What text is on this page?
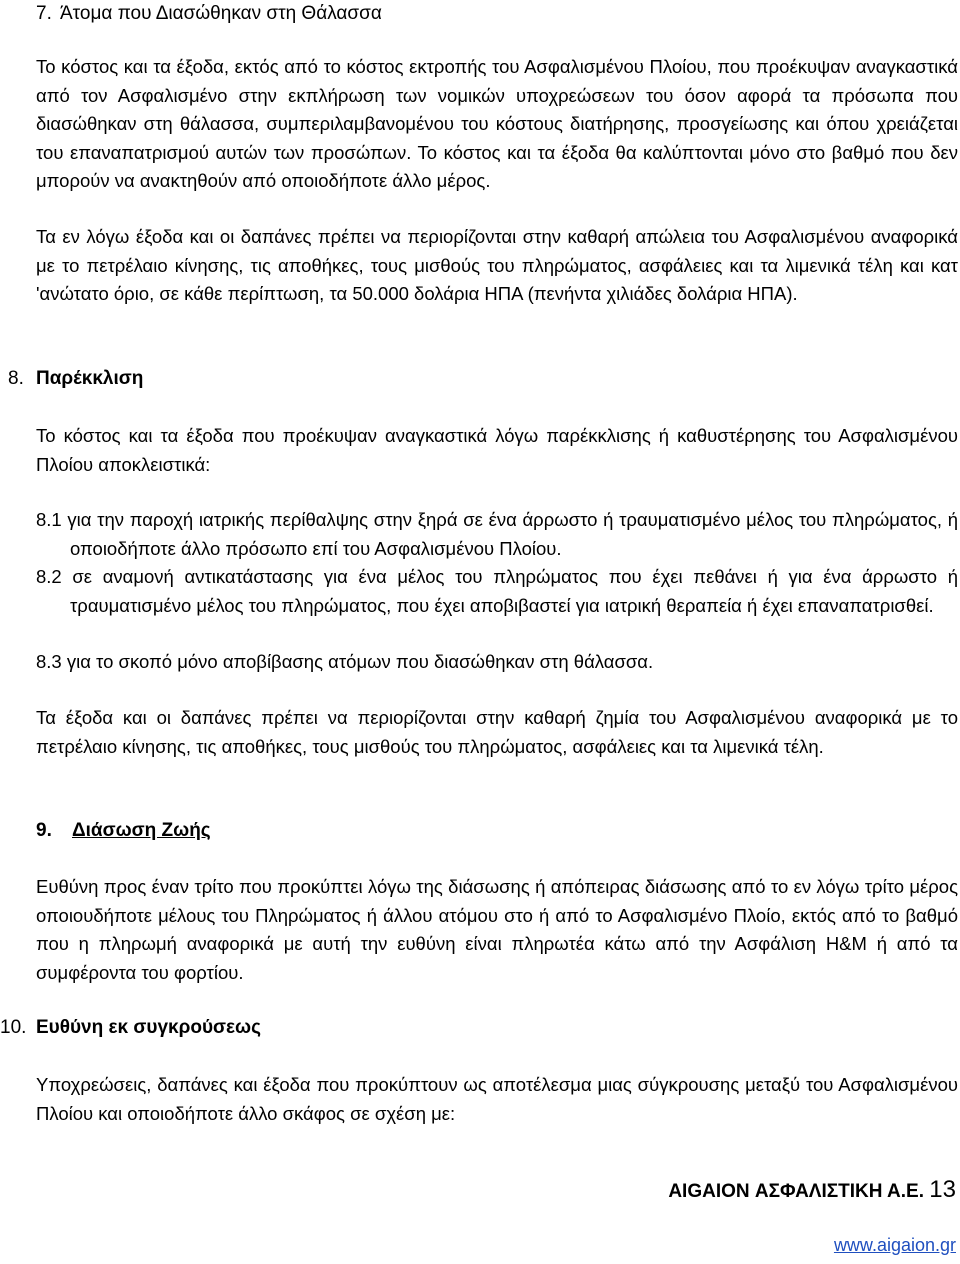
7. Άτομα που Διασώθηκαν στη Θάλασσα

Το κόστος και τα έξοδα, εκτός από το κόστος εκτροπής του Ασφαλισμένου Πλοίου, που προέκυψαν αναγκαστικά από τον Ασφαλισμένο στην εκπλήρωση των νομικών υποχρεώσεων του όσον αφορά τα πρόσωπα που διασώθηκαν στη θάλασσα, συμπεριλαμβανομένου του κόστους διατήρησης, προσγείωσης και όπου χρειάζεται του επαναπατρισμού αυτών των προσώπων. Το κόστος και τα έξοδα θα καλύπτονται μόνο στο βαθμό που δεν μπορούν να ανακτηθούν από οποιοδήποτε άλλο μέρος.

Τα εν λόγω έξοδα και οι δαπάνες πρέπει να περιορίζονται στην καθαρή απώλεια του Ασφαλισμένου αναφορικά με το πετρέλαιο κίνησης, τις αποθήκες, τους μισθούς του πληρώματος, ασφάλειες και τα λιμενικά τέλη και κατ 'ανώτατο όριο, σε κάθε περίπτωση, τα 50.000 δολάρια ΗΠΑ (πενήντα χιλιάδες δολάρια ΗΠΑ).

8. Παρέκκλιση

Το κόστος και τα έξοδα που προέκυψαν αναγκαστικά λόγω παρέκκλισης ή καθυστέρησης του Ασφαλισμένου Πλοίου αποκλειστικά:

8.1 για την παροχή ιατρικής περίθαλψης στην ξηρά σε ένα άρρωστο ή τραυματισμένο μέλος του πληρώματος, ή οποιοδήποτε άλλο πρόσωπο επί του Ασφαλισμένου Πλοίου.

8.2 σε αναμονή αντικατάστασης για ένα μέλος του πληρώματος που έχει πεθάνει ή για ένα άρρωστο ή τραυματισμένο μέλος του πληρώματος, που έχει αποβιβαστεί για ιατρική θεραπεία ή έχει επαναπατρισθεί.

8.3 για το σκοπό μόνο αποβίβασης ατόμων που διασώθηκαν στη θάλασσα.

Τα έξοδα και οι δαπάνες πρέπει να περιορίζονται στην καθαρή ζημία του Ασφαλισμένου αναφορικά με το πετρέλαιο κίνησης, τις αποθήκες, τους μισθούς του πληρώματος, ασφάλειες και τα λιμενικά τέλη.

9. Διάσωση Ζωής

Ευθύνη προς έναν τρίτο που προκύπτει λόγω της διάσωσης ή απόπειρας διάσωσης από το εν λόγω τρίτο μέρος οποιουδήποτε μέλους του Πληρώματος ή άλλου ατόμου στο ή από το Ασφαλισμένο Πλοίο, εκτός από το βαθμό που η πληρωμή αναφορικά με αυτή την ευθύνη είναι πληρωτέα κάτω από την Ασφάλιση H&M ή από τα συμφέροντα του φορτίου.

10. Ευθύνη εκ συγκρούσεως

Υποχρεώσεις, δαπάνες και έξοδα που προκύπτουν ως αποτέλεσμα μιας σύγκρουσης μεταξύ του Ασφαλισμένου Πλοίου και οποιοδήποτε άλλο σκάφος σε σχέση με:

AIGAION ΑΣΦΑΛΙΣΤΙΚΗ Α.Ε. 13

www.aigaion.gr
